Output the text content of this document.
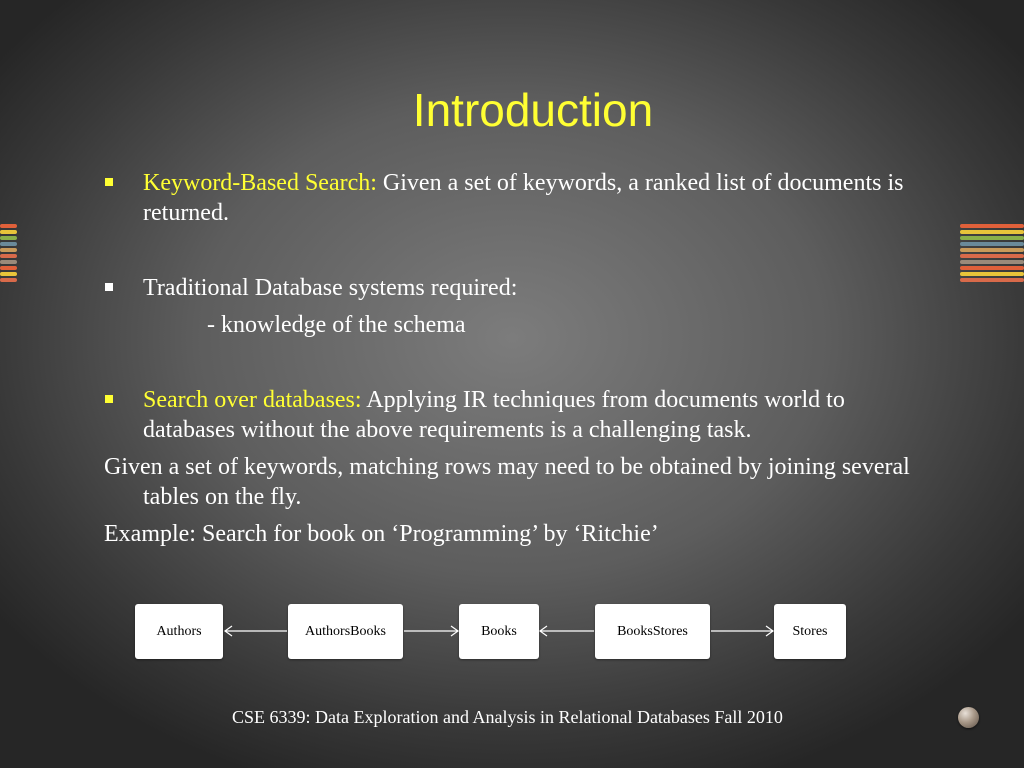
Introduction

Keyword-Based Search: Given a set of keywords, a ranked list of documents is returned.

Traditional Database systems required:

- knowledge of the schema

Search over databases: Applying IR techniques from documents world to databases without the above requirements is a challenging task.

Given a set of keywords, matching rows may need to be obtained by joining several tables on the fly.

Example: Search for book on ‘Programming’ by ‘Ritchie’

Authors	AuthorsBooks	Books	BooksStores	Stores
CSE 6339: Data Exploration and Analysis in Relational Databases Fall 2010
